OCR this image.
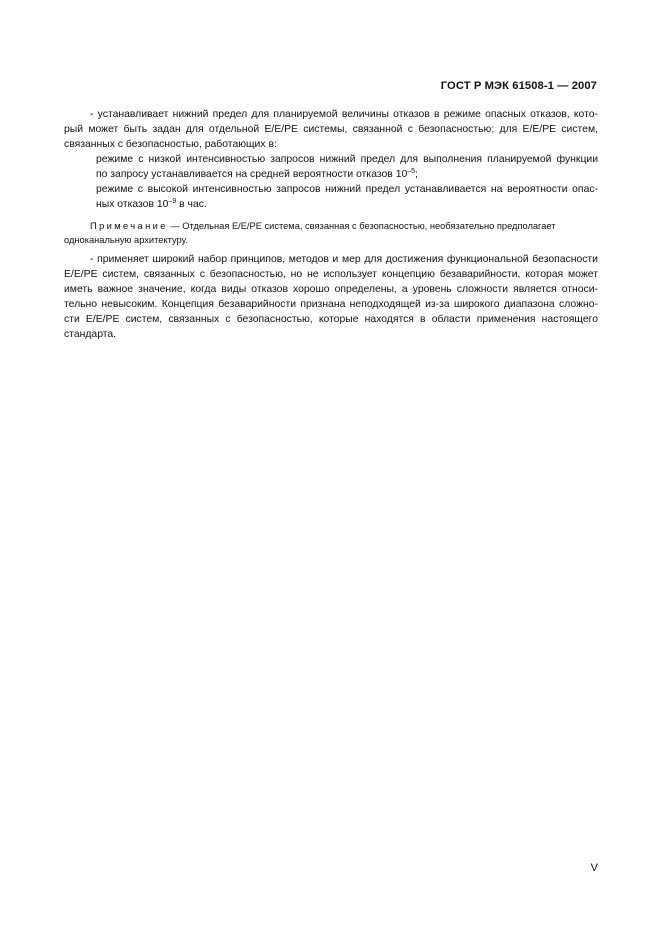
ГОСТ Р МЭК 61508-1 — 2007

- устанавливает нижний предел для планируемой величины отказов в режиме опасных отказов, кото-

рый может быть задан для отдельной Е/Е/РЕ системы, связанной с безопасностью; для Е/Е/РЕ систем,
связанных с безопасностью, работающих в:
режиме с низкой интенсивностью запросов нижний предел для выполнения планируемой функции
по запросу устанавливается на средней вероятности отказов $10^{-5}$;
режиме с высокой интенсивностью запросов нижний предел устанавливается на вероятности опас-
ных отказов $10^{-9}$ в час.
Примечание — Отдельная Е/Е/РЕ система, связанная с безопасностью, необязательно предполагает
одноканальную архитектуру.

- применяет широкий набор принципов, методов и мер для достижения функциональной безопасности

Е/Е/РЕ систем, связанных с безопасностью, но не использует концепцию безаварийности, которая может
иметь важное значение, когда виды отказов хорошо определены, а уровень сложности является относи-
тельно невысоким. Концепция безаварийности признана неподходящей из-за широкого диапазона сложно-
сти Е/Е/РЕ систем, связанных с безопасностью, которые находятся в области применения настоящего
стандарта.
V
